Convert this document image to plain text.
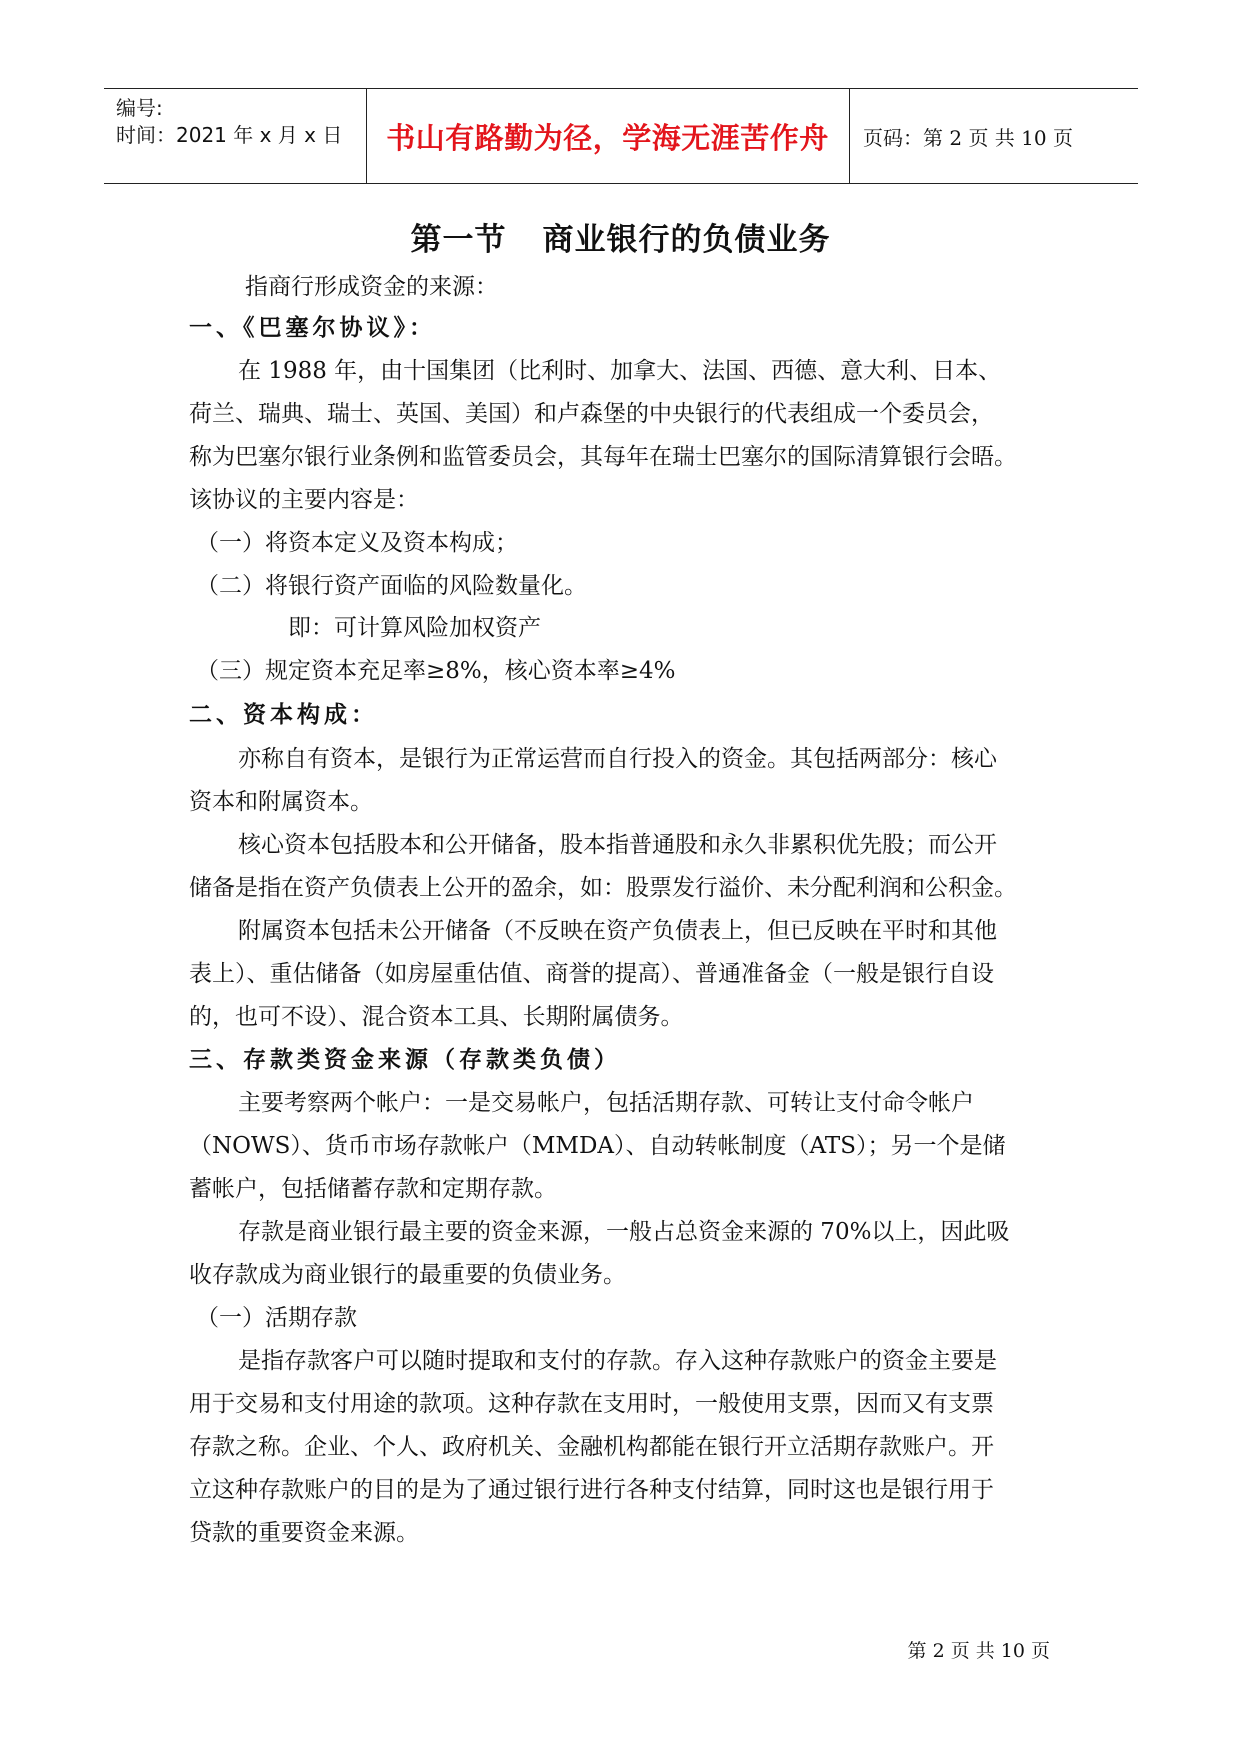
编号:
时间：2021 年 x 月 x 日	书山有路勤为径，学海无涯苦作舟	页码：第 2 页 共 10 页
第一节 商业银行的负债业务
指商行形成资金的来源：
一、《巴塞尔协议》：
在 1988 年，由十国集团（比利时、加拿大、法国、西德、意大利、日本、
荷兰、瑞典、瑞士、英国、美国）和卢森堡的中央银行的代表组成一个委员会，
称为巴塞尔银行业条例和监管委员会，其每年在瑞士巴塞尔的国际清算银行会晤。
该协议的主要内容是：
（一）将资本定义及资本构成；
（二）将银行资产面临的风险数量化。
即：可计算风险加权资产
（三）规定资本充足率≥8%，核心资本率≥4%
二、资本构成：
亦称自有资本，是银行为正常运营而自行投入的资金。其包括两部分：核心
资本和附属资本。
核心资本包括股本和公开储备，股本指普通股和永久非累积优先股；而公开
储备是指在资产负债表上公开的盈余，如：股票发行溢价、未分配利润和公积金。
附属资本包括未公开储备（不反映在资产负债表上，但已反映在平时和其他
表上）、重估储备（如房屋重估值、商誉的提高）、普通准备金（一般是银行自设
的，也可不设）、混合资本工具、长期附属债务。
三、存款类资金来源（存款类负债）
主要考察两个帐户：一是交易帐户，包括活期存款、可转让支付命令帐户
（NOWS）、货币市场存款帐户（MMDA）、自动转帐制度（ATS）；另一个是储
蓄帐户，包括储蓄存款和定期存款。
存款是商业银行最主要的资金来源，一般占总资金来源的 70%以上，因此吸
收存款成为商业银行的最重要的负债业务。
（一）活期存款
是指存款客户可以随时提取和支付的存款。存入这种存款账户的资金主要是
用于交易和支付用途的款项。这种存款在支用时，一般使用支票，因而又有支票
存款之称。企业、个人、政府机关、金融机构都能在银行开立活期存款账户。开
立这种存款账户的目的是为了通过银行进行各种支付结算，同时这也是银行用于
贷款的重要资金来源。
第 2 页 共 10 页
